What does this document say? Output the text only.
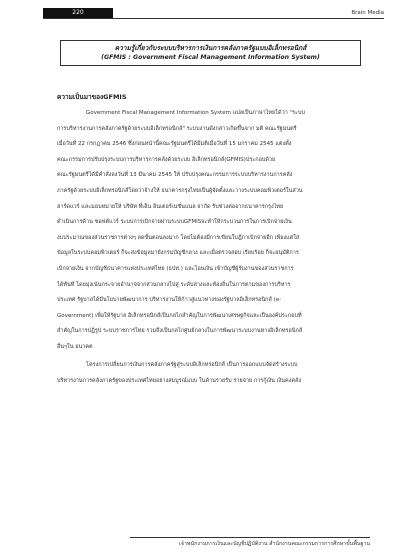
220	Brain Media
ความรู้เกี่ยวกับระบบบริหารการเงินการคลังภาครัฐแบบอิเล็กทรอนิกส์
(GFMIS : Government Fiscal Management Information System)
ความเป็นมาของGFMIS
Government Fiscal Management Information System แปลเป็นภาษาไทยได้ว่า "ระบบ
การบริหารงานการคลังภาครัฐด้วยระบบอิเล็กทรอนิกส์" ระบบงานดังกล่าวเกิดขึ้นจาก มติ คณะรัฐมนตรี
เมื่อวันที่ 22 กรกฎาคม 2546 ซึ่งก่อนหน้านี้คณะรัฐมนตรีได้มีมติเมื่อวันที่ 15 มกราคม 2545 แต่งตั้ง
คณะกรรมการปรับปรุงระบบการบริหารการคลังด้วยระบบ อิเล็กทรอนิกส์(GFMIS)ประกอบด้วย
คณะรัฐมนตรีได้มีคำสั่งลงวันที่ 13 มีนาคม 2545 ให้ ปรับปรุงคณะกรรมการระบบบริหารงานการคลัง
ภาครัฐด้วยระบบอิเล็กทรอนิกส์โดยว่าจ้างให้ ธนาคารกรุงไทยเป็นผู้จัดตั้งและวางระบบคอมพิวเตอร์ในส่วน
ฮาร์ดแวร์ และมอบหมายให้ บริษัท ที่เอ็น อินเตอร์เนชั่นแนล จากัด รับช่วงต่อจากธนาคารกรุงไทย
ดำเนินการด้าน ซอฟต์แวร์ ระบบการเบิกจ่ายผ่านระบบGFMISจะทำให้กระบวนการในการเบิกจ่ายเงิน
งบประมาณของส่วนราชการต่างๆ ลดขั้นตอนลงมาก โดยไม่ต้องมีการเขียนใบฎีกาเบิกจ่ายอีก เพียงแต่ใส่
ข้อมูลในระบบคอมพิวเตอร์ ก็จะส่งข้อมูลมายังกรมบัญชีกลาง และเมื่อตรวจสอบ เรียบร้อย ก็จะอนุมัติการ
เบิกจ่ายเงิน จากบัญชีธนาคารแห่งประเทศไทย (ธปท.) และโอนเงิน เข้าบัญชีผู้รับงานของส่วนราชการ
ได้ทันที โดยมุ่งเน้นกระจายอำนาจจากส่วนกลางไปสู่ ระดับล่างและท้องถิ่นในการตามของการบริหาร
ประเทศ รัฐบาลได้มีนโยบายพัฒนาการ บริหารงานให้ก้าวสู่แนวทางของรัฐบาลอิเล็กทรอนิกส์ (e-
Government) เพื่อให้รัฐบาล อิเล็กทรอนิกส์เป็นกลไกสำคัญในการพัฒนาเศรษฐกิจและเป็นองค์ประกอบที่
สำคัญในการปฏิรูป ระบบราชการไทย รวมถึงเป็นกลไกศูนย์กลางในการพัฒนาระบบงานทางอิเล็กทรอนิกส์
อื่นๆใน อนาคต
โครงการเปลี่ยนการเงินการคลังภาครัฐสู่ระบบอิเล็กทรอนิกส์ เป็นการออกแบบจัดสร้างระบบ
บริหารงานการคลังภาครัฐของประเทศไทยอย่างสมบูรณ์แบบ ในด้านรายรับ รายจ่าย การกู้เงิน เงินคงคลัง
เจ้าพนักงานการเงินและบัญชีปฏิบัติงาน สำนักงานคณะกรรมการการศึกษาขั้นพื้นฐาน
